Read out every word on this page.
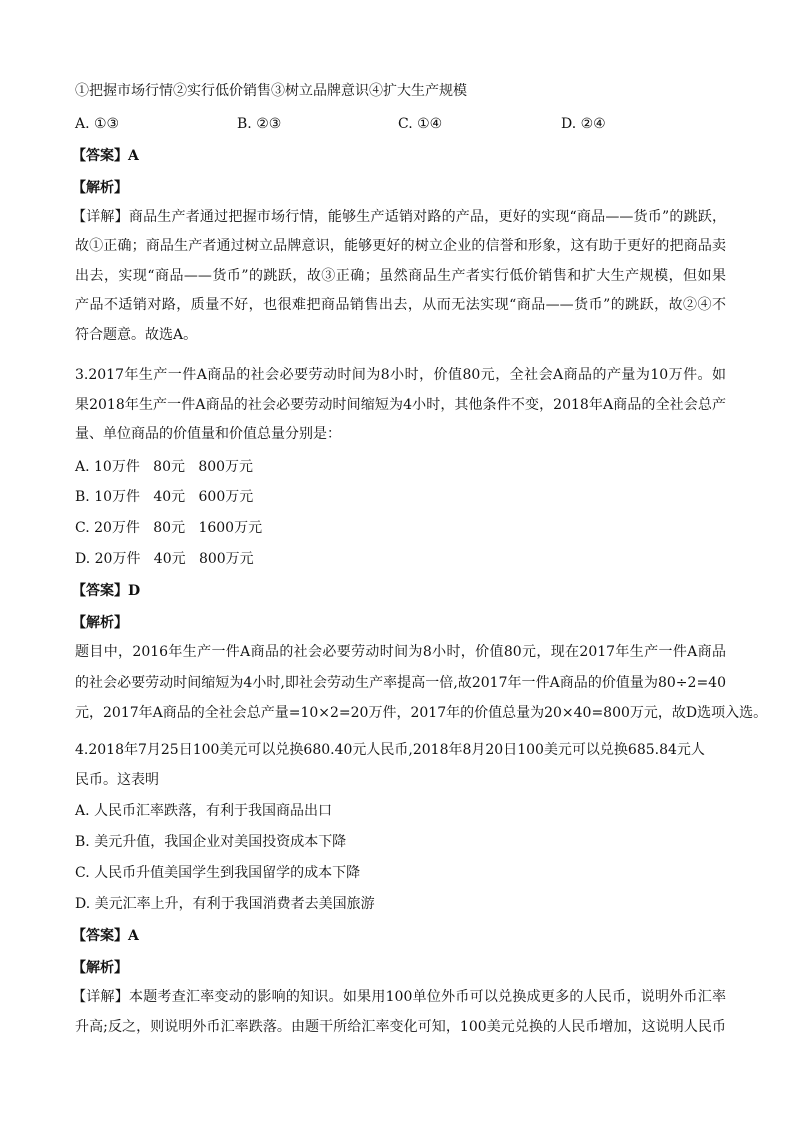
①把握市场行情②实行低价销售③树立品牌意识④扩大生产规模
A. ①③	B. ②③	C. ①④	D. ②④
【答案】A
【解析】
【详解】商品生产者通过把握市场行情，能够生产适销对路的产品，更好的实现“商品——货币”的跳跃，
故①正确；商品生产者通过树立品牌意识，能够更好的树立企业的信誉和形象，这有助于更好的把商品卖
出去，实现“商品——货币”的跳跃，故③正确；虽然商品生产者实行低价销售和扩大生产规模，但如果
产品不适销对路，质量不好，也很难把商品销售出去，从而无法实现“商品——货币”的跳跃，故②④不
符合题意。故选A。
3.2017年生产一件A商品的社会必要劳动时间为8小时，价值80元，全社会A商品的产量为10万件。如
果2018年生产一件A商品的社会必要劳动时间缩短为4小时，其他条件不变，2018年A商品的全社会总产
量、单位商品的价值量和价值总量分别是：
A. 10万件   80元   800万元
B. 10万件   40元   600万元
C. 20万件   80元   1600万元
D. 20万件   40元   800万元
【答案】D
【解析】
题目中，2016年生产一件A商品的社会必要劳动时间为8小时，价值80元，现在2017年生产一件A商品
的社会必要劳动时间缩短为4小时,即社会劳动生产率提高一倍,故2017年一件A商品的价值量为80÷2=40
元，2017年A商品的全社会总产量=10×2=20万件，2017年的价值总量为20×40=800万元，故D选项入选。
4.2018年7月25日100美元可以兑换680.40元人民币,2018年8月20日100美元可以兑换685.84元人
民币。这表明
A. 人民币汇率跌落，有利于我国商品出口
B. 美元升值，我国企业对美国投资成本下降
C. 人民币升值美国学生到我国留学的成本下降
D. 美元汇率上升，有利于我国消费者去美国旅游
【答案】A
【解析】
【详解】本题考查汇率变动的影响的知识。如果用100单位外币可以兑换成更多的人民币，说明外币汇率
升高;反之，则说明外币汇率跌落。由题干所给汇率变化可知，100美元兑换的人民币增加，这说明人民币
